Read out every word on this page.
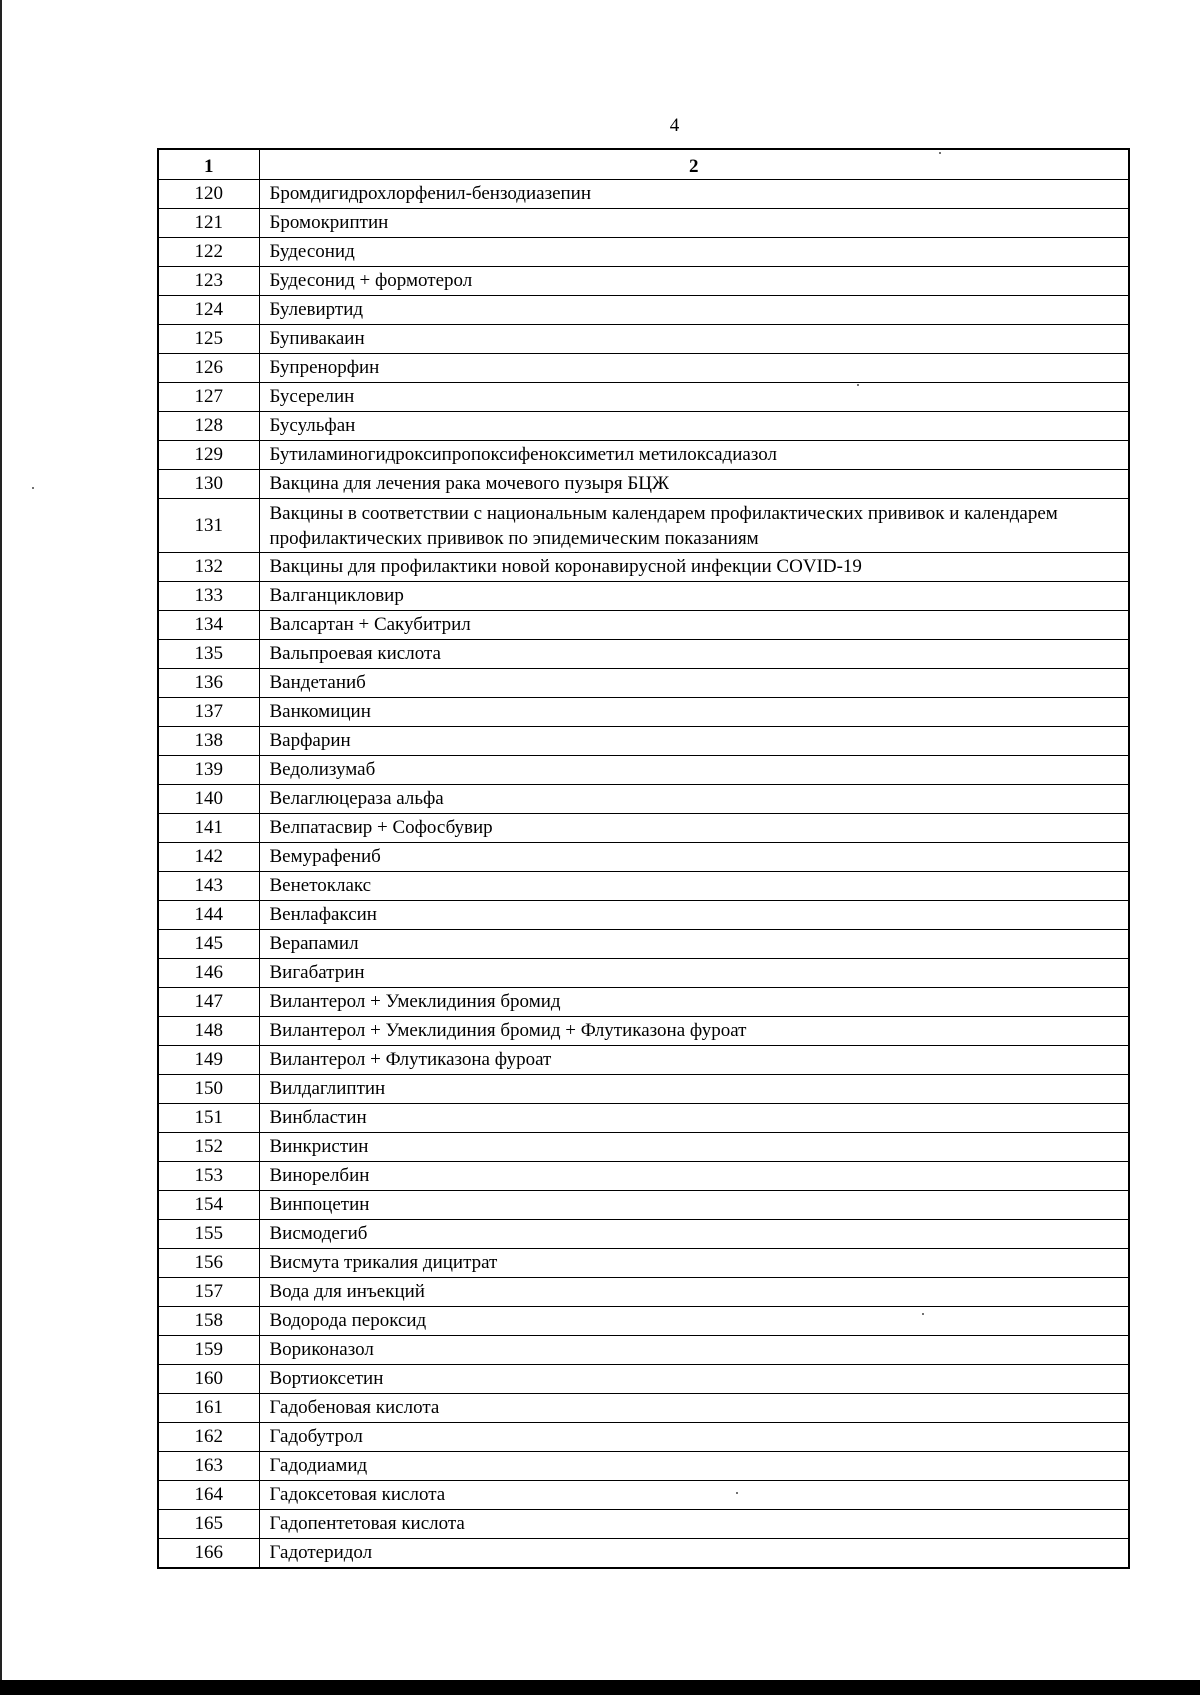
4
1	2
120	Бромдигидрохлорфенил-бензодиазепин
121	Бромокриптин
122	Будесонид
123	Будесонид + формотерол
124	Булевиртид
125	Бупивакаин
126	Бупренорфин
127	Бусерелин
128	Бусульфан
129	Бутиламиногидроксипропоксифеноксиметил метилоксадиазол
130	Вакцина для лечения рака мочевого пузыря БЦЖ
131	Вакцины в соответствии с национальным календарем профилактических прививок и календарем профилактических прививок по эпидемическим показаниям
132	Вакцины для профилактики новой коронавирусной инфекции COVID-19
133	Валганцикловир
134	Валсартан + Сакубитрил
135	Вальпроевая кислота
136	Вандетаниб
137	Ванкомицин
138	Варфарин
139	Ведолизумаб
140	Велаглюцераза альфа
141	Велпатасвир + Софосбувир
142	Вемурафениб
143	Венетоклакс
144	Венлафаксин
145	Верапамил
146	Вигабатрин
147	Вилантерол + Умеклидиния бромид
148	Вилантерол + Умеклидиния бромид + Флутиказона фуроат
149	Вилантерол + Флутиказона фуроат
150	Вилдаглиптин
151	Винбластин
152	Винкристин
153	Винорелбин
154	Винпоцетин
155	Висмодегиб
156	Висмута трикалия дицитрат
157	Вода для инъекций
158	Водорода пероксид
159	Вориконазол
160	Вортиоксетин
161	Гадобеновая кислота
162	Гадобутрол
163	Гадодиамид
164	Гадоксетовая кислота
165	Гадопентетовая кислота
166	Гадотеридол
